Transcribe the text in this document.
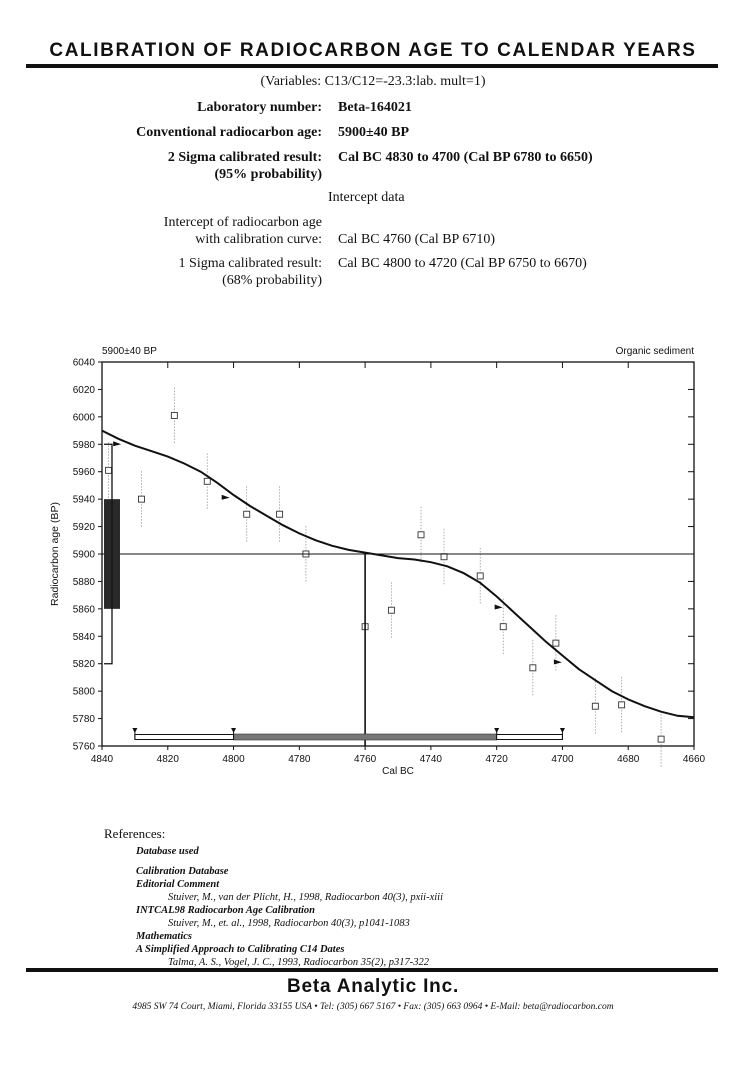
CALIBRATION OF RADIOCARBON AGE TO CALENDAR YEARS
(Variables: C13/C12=-23.3:lab. mult=1)
Laboratory number: Beta-164021
Conventional radiocarbon age: 5900±40 BP
2 Sigma calibrated result: Cal BC 4830 to 4700 (Cal BP 6780 to 6650)
(95% probability)
Intercept data
Intercept of radiocarbon age
with calibration curve: Cal BC 4760 (Cal BP 6710)
1 Sigma calibrated result: Cal BC 4800 to 4720 (Cal BP 6750 to 6670)
(68% probability)
5760
5780
5800
5820
5840
5860
5880
5900
5920
5940
5960
5980
6000
6020
6040
4840	4820	4800	4780	4760	4740	4720	4700	4680	4660
Cal BC
Radiocarbon age (BP)
5900±40 BP	Organic sediment
References:
Database used
Calibration Database
Editorial Comment
Stuiver, M., van der Plicht, H., 1998, Radiocarbon 40(3), pxii-xiii
INTCAL98 Radiocarbon Age Calibration
Stuiver, M., et. al., 1998, Radiocarbon 40(3), p1041-1083
Mathematics
A Simplified Approach to Calibrating C14 Dates
Talma, A. S., Vogel, J. C., 1993, Radiocarbon 35(2), p317-322
Beta Analytic Inc.
4985 SW 74 Court, Miami, Florida 33155 USA • Tel: (305) 667 5167 • Fax: (305) 663 0964 • E-Mail: beta@radiocarbon.com
